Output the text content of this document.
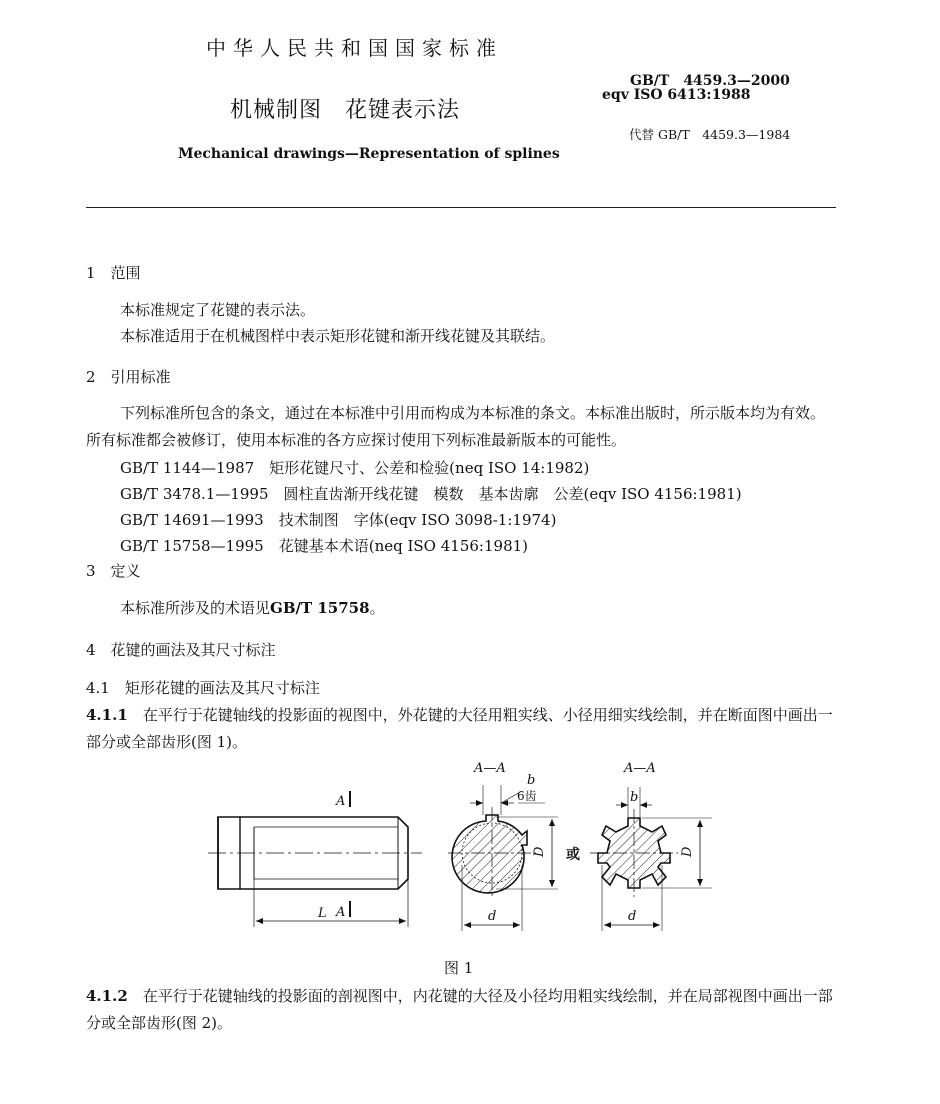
中华人民共和国国家标准
机械制图　花键表示法
Mechanical drawings—Representation of splines
GB/T　4459.3—2000
eqv ISO 6413:1988
代替 GB/T　4459.3—1984
1　范围
本标准规定了花键的表示法。
本标准适用于在机械图样中表示矩形花键和渐开线花键及其联结。
2　引用标准
下列标准所包含的条文，通过在本标准中引用而构成为本标准的条文。本标准出版时，所示版本均为有效。所有标准都会被修订，使用本标准的各方应探讨使用下列标准最新版本的可能性。
GB/T 1144—1987　矩形花键尺寸、公差和检验(neq ISO 14:1982)
GB/T 3478.1—1995　圆柱直齿渐开线花键　模数　基本齿廓　公差(eqv ISO 4156:1981)
GB/T 14691—1993　技术制图　字体(eqv ISO 3098-1:1974)
GB/T 15758—1995　花键基本术语(neq ISO 4156:1981)
3　定义
本标准所涉及的术语见GB/T 15758。
4　花键的画法及其尺寸标注
4.1　矩形花键的画法及其尺寸标注
4.1.1　 在平行于花键轴线的投影面的视图中，外花键的大径用粗实线、小径用细实线绘制，并在断面图中画出一部分或全部齿形(图 1)。
A
A
L
A—A
b
6齿
D
d
或
A—A
b
D
d
图 1
4.1.2　 在平行于花键轴线的投影面的剖视图中，内花键的大径及小径均用粗实线绘制，并在局部视图中画出一部分或全部齿形(图 2)。
